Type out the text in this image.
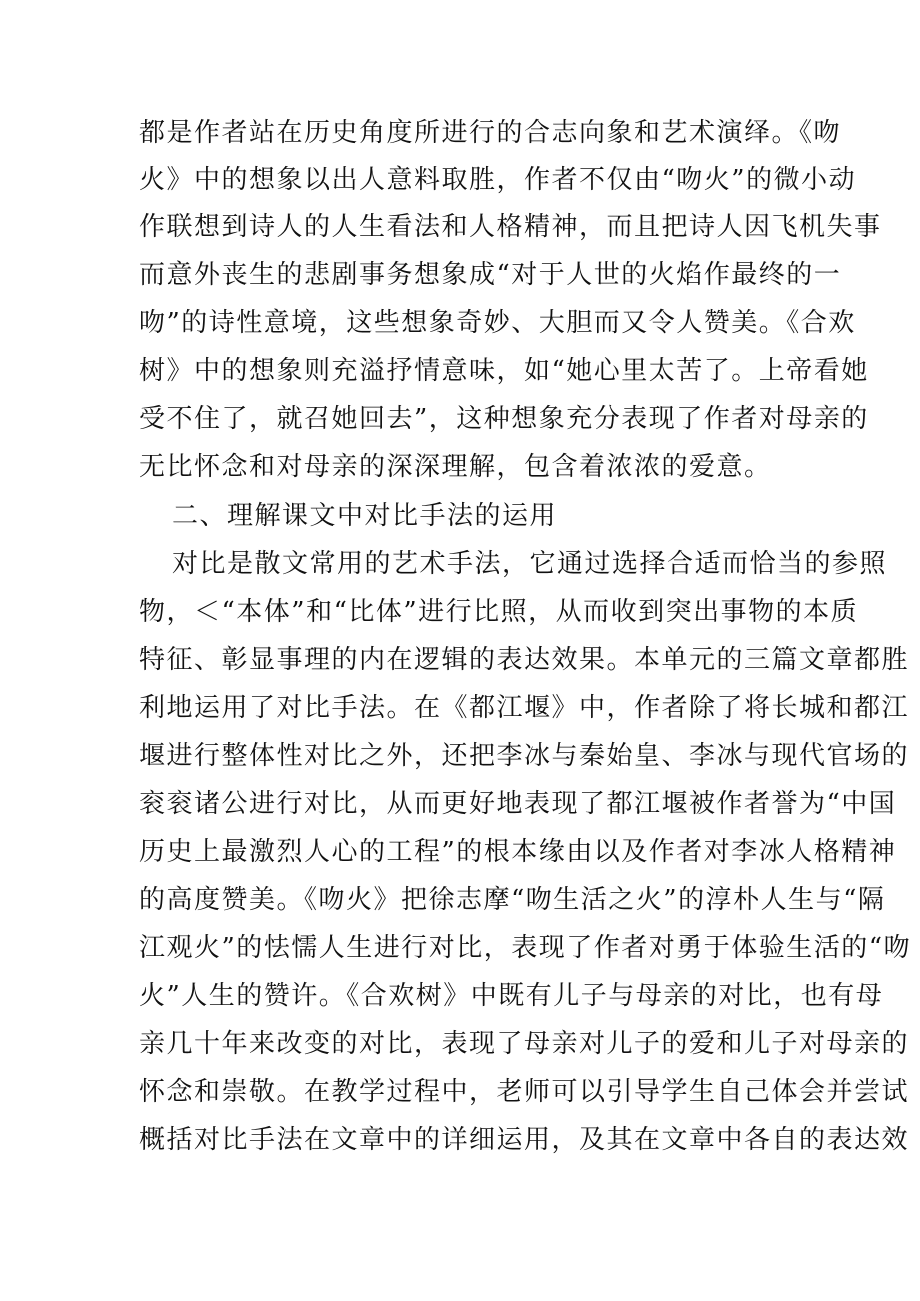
都是作者站在历史角度所进行的合志向象和艺术演绎。《吻
火》中的想象以出人意料取胜，作者不仅由“吻火”的微小动
作联想到诗人的人生看法和人格精神，而且把诗人因飞机失事
而意外丧生的悲剧事务想象成“对于人世的火焰作最终的一
吻”的诗性意境，这些想象奇妙、大胆而又令人赞美。《合欢
树》中的想象则充溢抒情意味，如“她心里太苦了。上帝看她
受不住了，就召她回去”，这种想象充分表现了作者对母亲的
无比怀念和对母亲的深深理解，包含着浓浓的爱意。
二、理解课文中对比手法的运用
对比是散文常用的艺术手法，它通过选择合适而恰当的参照
物，＜“本体”和“比体”进行比照，从而收到突出事物的本质
特征、彰显事理的内在逻辑的表达效果。本单元的三篇文章都胜
利地运用了对比手法。在《都江堰》中，作者除了将长城和都江
堰进行整体性对比之外，还把李冰与秦始皇、李冰与现代官场的
衮衮诸公进行对比，从而更好地表现了都江堰被作者誉为“中国
历史上最激烈人心的工程”的根本缘由以及作者对李冰人格精神
的高度赞美。《吻火》把徐志摩“吻生活之火”的淳朴人生与“隔
江观火”的怯懦人生进行对比，表现了作者对勇于体验生活的“吻
火”人生的赞许。《合欢树》中既有儿子与母亲的对比，也有母
亲几十年来改变的对比，表现了母亲对儿子的爱和儿子对母亲的
怀念和崇敬。在教学过程中，老师可以引导学生自己体会并尝试
概括对比手法在文章中的详细运用，及其在文章中各自的表达效
